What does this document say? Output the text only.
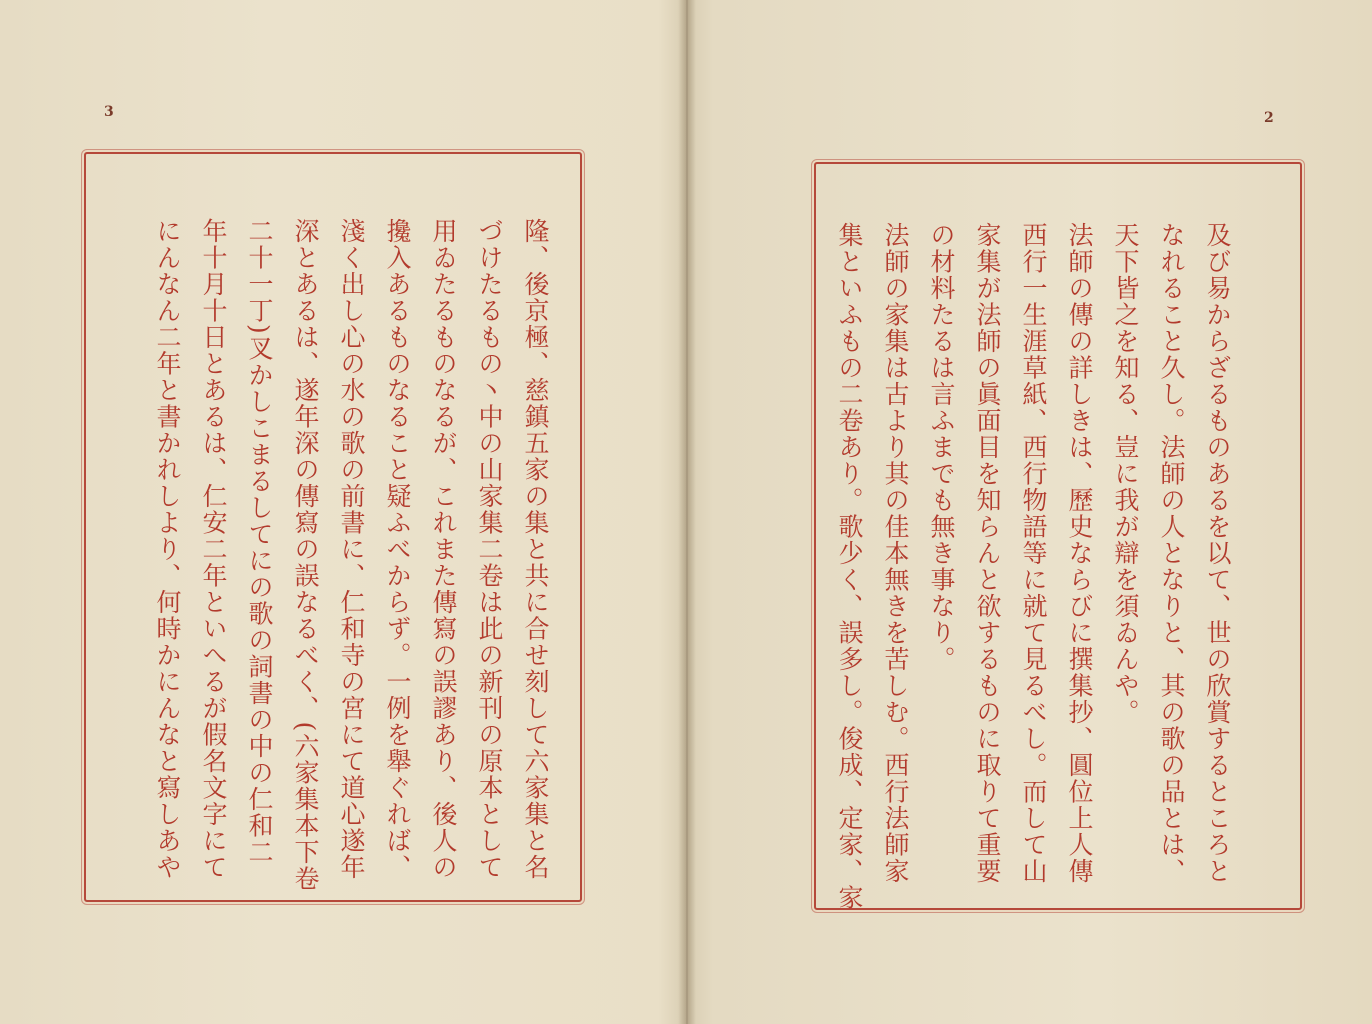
3
隆、後京極、慈鎮五家の集と共に合せ刻して六家集と名
づけたるもの丶中の山家集二卷は此の新刊の原本として
用ゐたるものなるが、これまた傳寫の誤謬あり、後人の
攙入あるものなること疑ふべからず。一例を舉ぐれば、
淺く出し心の水の歌の前書に、仁和寺の宮にて道心遂年
深とあるは、遂年深の傳寫の誤なるべく、(六家集本下卷
二十一丁)叉かしこまるしてにの歌の詞書の中の仁和二
年十月十日とあるは、仁安二年といへるが假名文字にて
にんなん二年と書かれしより、何時かにんなと寫しあや
2
及び易からざるものあるを以て、世の欣賞するところと
なれること久し。法師の人となりと、其の歌の品とは、
天下皆之を知る、豈に我が辯を須ゐんや。
法師の傳の詳しきは、歷史ならびに撰集抄、圓位上人傳
西行一生涯草紙、西行物語等に就て見るべし。而して山
家集が法師の眞面目を知らんと欲するものに取りて重要
の材料たるは言ふまでも無き事なり。
法師の家集は古より其の佳本無きを苦しむ。西行法師家
集といふもの二卷あり。歌少く、誤多し。俊成、定家、家
